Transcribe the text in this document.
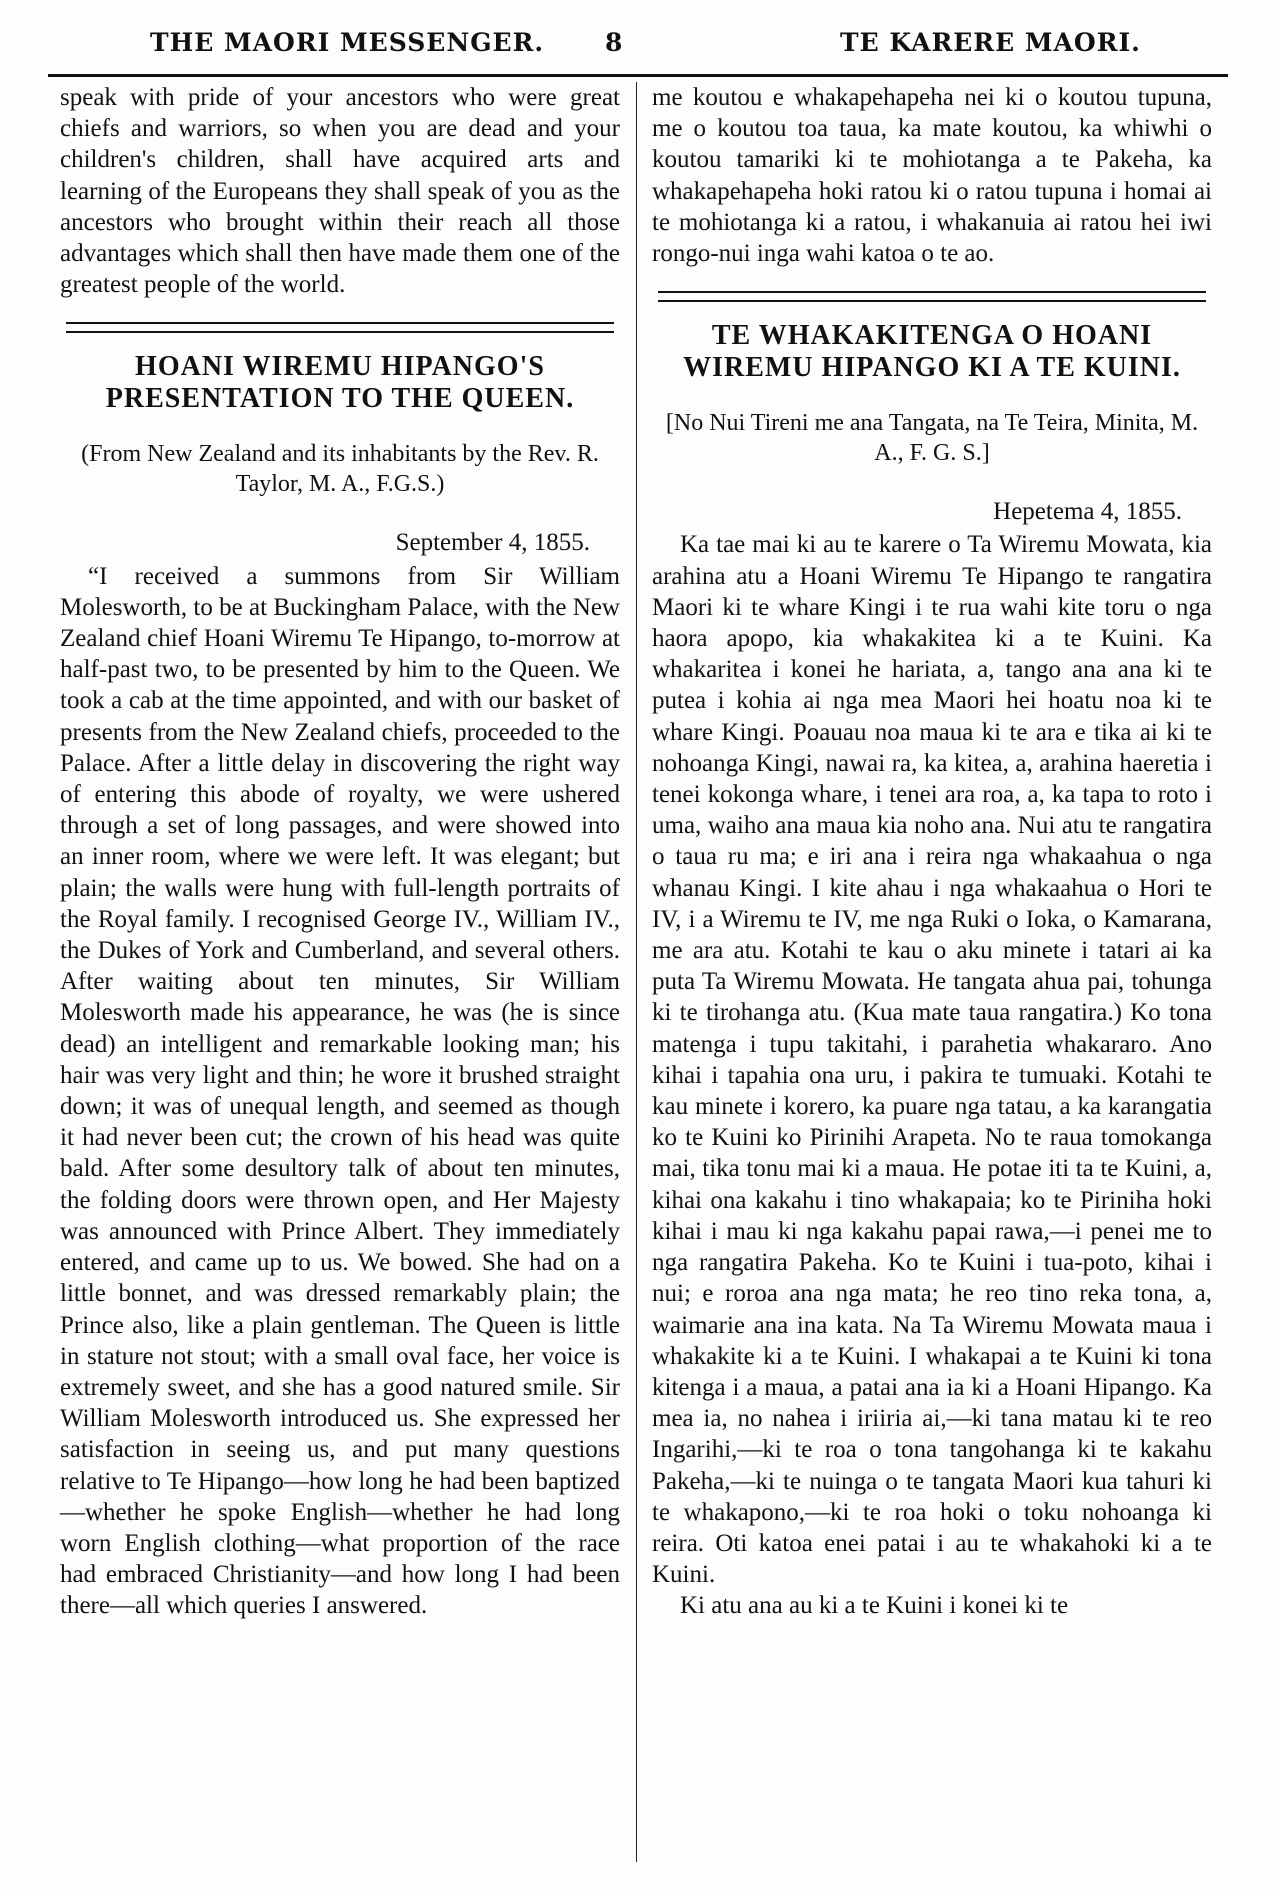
THE MAORI MESSENGER. 8	TE KARERE MAORI.

speak with pride of your ancestors who were great chiefs and warriors, so when you are dead and your children's children, shall have acquired arts and learning of the Europeans they shall speak of you as the ancestors who brought within their reach all those advantages which shall then have made them one of the greatest people of the world.

HOANI WIREMU HIPANGO'S PRESENTATION TO THE QUEEN.

(From New Zealand and its inhabitants by the Rev. R. Taylor, M. A., F.G.S.)

September 4, 1855.

“I received a summons from Sir William Molesworth, to be at Buckingham Palace, with the New Zealand chief Hoani Wiremu Te Hipango, to-morrow at half-past two, to be presented by him to the Queen. We took a cab at the time appointed, and with our basket of presents from the New Zealand chiefs, proceeded to the Palace. After a little delay in discovering the right way of entering this abode of royalty, we were ushered through a set of long passages, and were showed into an inner room, where we were left. It was elegant; but plain; the walls were hung with full-length portraits of the Royal family. I recognised George IV., William IV., the Dukes of York and Cumberland, and several others. After waiting about ten minutes, Sir William Molesworth made his appearance, he was (he is since dead) an intelligent and remarkable looking man; his hair was very light and thin; he wore it brushed straight down; it was of unequal length, and seemed as though it had never been cut; the crown of his head was quite bald. After some desultory talk of about ten minutes, the folding doors were thrown open, and Her Majesty was announced with Prince Albert. They immediately entered, and came up to us. We bowed. She had on a little bonnet, and was dressed remarkably plain; the Prince also, like a plain gentleman. The Queen is little in stature not stout; with a small oval face, her voice is extremely sweet, and she has a good natured smile. Sir William Molesworth introduced us. She expressed her satisfaction in seeing us, and put many questions relative to Te Hipango—how long he had been baptized—whether he spoke English—whether he had long worn English clothing—what proportion of the race had embraced Christianity—and how long I had been there—all which queries I answered.

me koutou e whakapehapeha nei ki o koutou tupuna, me o koutou toa taua, ka mate koutou, ka whiwhi o koutou tamariki ki te mohiotanga a te Pakeha, ka whakapehapeha hoki ratou ki o ratou tupuna i homai ai te mohiotanga ki a ratou, i whakanuia ai ratou hei iwi rongo-nui inga wahi katoa o te ao.

TE WHAKAKITENGA O HOANI WIREMU HIPANGO KI A TE KUINI.

[No Nui Tireni me ana Tangata, na Te Teira, Minita, M. A., F. G. S.]

Hepetema 4, 1855.

Ka tae mai ki au te karere o Ta Wiremu Mowata, kia arahina atu a Hoani Wiremu Te Hipango te rangatira Maori ki te whare Kingi i te rua wahi kite toru o nga haora apopo, kia whakakitea ki a te Kuini. Ka whakaritea i konei he hariata, a, tango ana ana ki te putea i kohia ai nga mea Maori hei hoatu noa ki te whare Kingi. Poauau noa maua ki te ara e tika ai ki te nohoanga Kingi, nawai ra, ka kitea, a, arahina haeretia i tenei kokonga whare, i tenei ara roa, a, ka tapa to roto i uma, waiho ana maua kia noho ana. Nui atu te rangatira o taua ru ma; e iri ana i reira nga whakaahua o nga whanau Kingi. I kite ahau i nga whakaahua o Hori te IV, i a Wiremu te IV, me nga Ruki o Ioka, o Kamarana, me ara atu. Kotahi te kau o aku minete i tatari ai ka puta Ta Wiremu Mowata. He tangata ahua pai, tohunga ki te tirohanga atu. (Kua mate taua rangatira.) Ko tona matenga i tupu takitahi, i parahetia whakararo. Ano kihai i tapahia ona uru, i pakira te tumuaki. Kotahi te kau minete i korero, ka puare nga tatau, a ka karangatia ko te Kuini ko Pirinihi Arapeta. No te raua tomokanga mai, tika tonu mai ki a maua. He potae iti ta te Kuini, a, kihai ona kakahu i tino whakapaia; ko te Piriniha hoki kihai i mau ki nga kakahu papai rawa,—i penei me to nga rangatira Pakeha. Ko te Kuini i tua-poto, kihai i nui; e roroa ana nga mata; he reo tino reka tona, a, waimarie ana ina kata. Na Ta Wiremu Mowata maua i whakakite ki a te Kuini. I whakapai a te Kuini ki tona kitenga i a maua, a patai ana ia ki a Hoani Hipango. Ka mea ia, no nahea i iriiria ai,—ki tana matau ki te reo Ingarihi,—ki te roa o tona tangohanga ki te kakahu Pakeha,—ki te nuinga o te tangata Maori kua tahuri ki te whakapono,—ki te roa hoki o toku nohoanga ki reira. Oti katoa enei patai i au te whakahoki ki a te Kuini.

Ki atu ana au ki a te Kuini i konei ki te
